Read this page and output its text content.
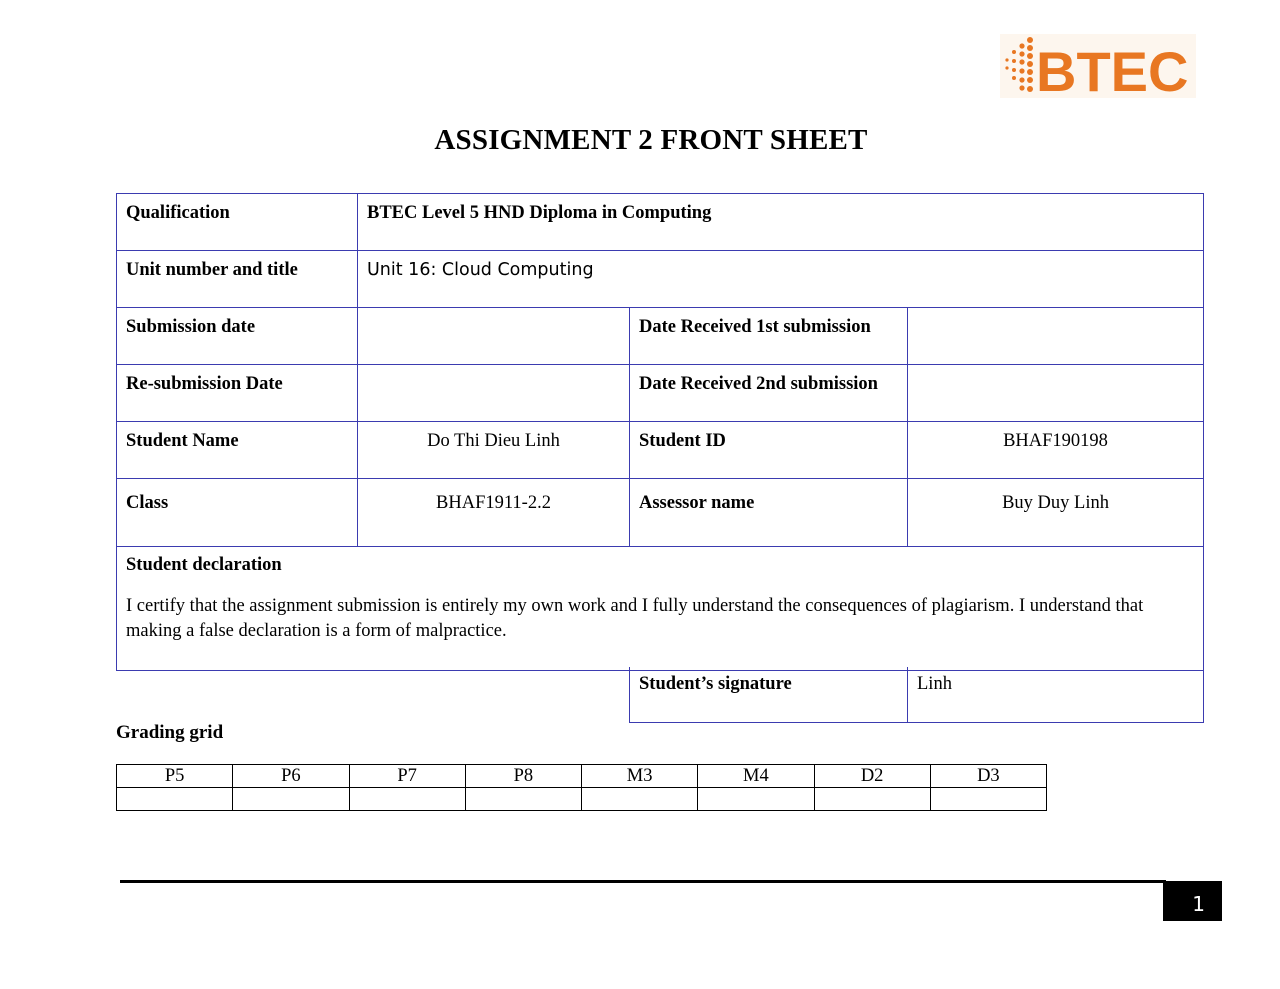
BTEC
ASSIGNMENT 2 FRONT SHEET
Qualification	BTEC Level 5 HND Diploma in Computing		
Unit number and title	Unit 16: Cloud Computing		
Submission date		Date Received 1st submission	
Re-submission Date		Date Received 2nd submission	
Student Name	Do Thi Dieu Linh	Student ID	BHAF190198
Class	BHAF1911-2.2	Assessor name	Buy Duy Linh

Student declaration
I certify that the assignment submission is entirely my own work and I fully understand the consequences of plagiarism. I understand that making a false declaration is a form of malpractice.			
Student’s signature	Linh
Grading grid
P5	P6	P7	P8	M3	M4	D2	D3

1
